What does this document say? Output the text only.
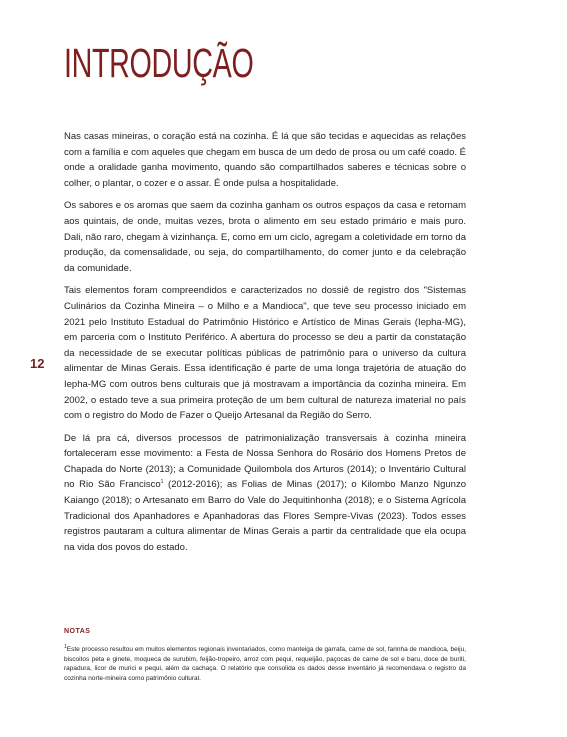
INTRODUÇÃO
12

Nas casas mineiras, o coração está na cozinha. É lá que são tecidas e aquecidas as relações com a família e com aqueles que chegam em busca de um dedo de prosa ou um café coado. É onde a oralidade ganha movimento, quando são compartilhados saberes e técnicas sobre o colher, o plantar, o cozer e o assar. É onde pulsa a hospitalidade.

Os sabores e os aromas que saem da cozinha ganham os outros espaços da casa e retornam aos quintais, de onde, muitas vezes, brota o alimento em seu estado primário e mais puro. Dali, não raro, chegam à vizinhança. E, como em um ciclo, agregam a coletividade em torno da produção, da comensalidade, ou seja, do compartilhamento, do comer junto e da celebração da comunidade.

Tais elementos foram compreendidos e caracterizados no dossiê de registro dos "Sistemas Culinários da Cozinha Mineira – o Milho e a Mandioca", que teve seu processo iniciado em 2021 pelo Instituto Estadual do Patrimônio Histórico e Artístico de Minas Gerais (Iepha-MG), em parceria com o Instituto Periférico. A abertura do processo se deu a partir da constatação da necessidade de se executar políticas públicas de patrimônio para o universo da cultura alimentar de Minas Gerais. Essa identificação é parte de uma longa trajetória de atuação do Iepha-MG com outros bens culturais que já mostravam a importância da cozinha mineira. Em 2002, o estado teve a sua primeira proteção de um bem cultural de natureza imaterial no país com o registro do Modo de Fazer o Queijo Artesanal da Região do Serro.

De lá pra cá, diversos processos de patrimonialização transversais à cozinha mineira fortaleceram esse movimento: a Festa de Nossa Senhora do Rosário dos Homens Pretos de Chapada do Norte (2013); a Comunidade Quilombola dos Arturos (2014); o Inventário Cultural no Rio São Francisco$^1$ (2012-2016); as Folias de Minas (2017); o Kilombo Manzo Ngunzo Kaiango (2018); o Artesanato em Barro do Vale do Jequitinhonha (2018); e o Sistema Agrícola Tradicional dos Apanhadores e Apanhadoras das Flores Sempre-Vivas (2023). Todos esses registros pautaram a cultura alimentar de Minas Gerais a partir da centralidade que ela ocupa na vida dos povos do estado.

NOTAS

$^1$Este processo resultou em muitos elementos regionais inventariados, como manteiga de garrafa, carne de sol, farinha de mandioca, beiju, biscoitos peta e ginete, moqueca de surubim, feijão-tropeiro, arroz com pequi, requeijão, paçocas de carne de sol e baru, doce de buriti, rapadura, licor de murici e pequi, além da cachaça. O relatório que consolida os dados desse inventário já recomendava o registro da cozinha norte-mineira como patrimônio cultural.
